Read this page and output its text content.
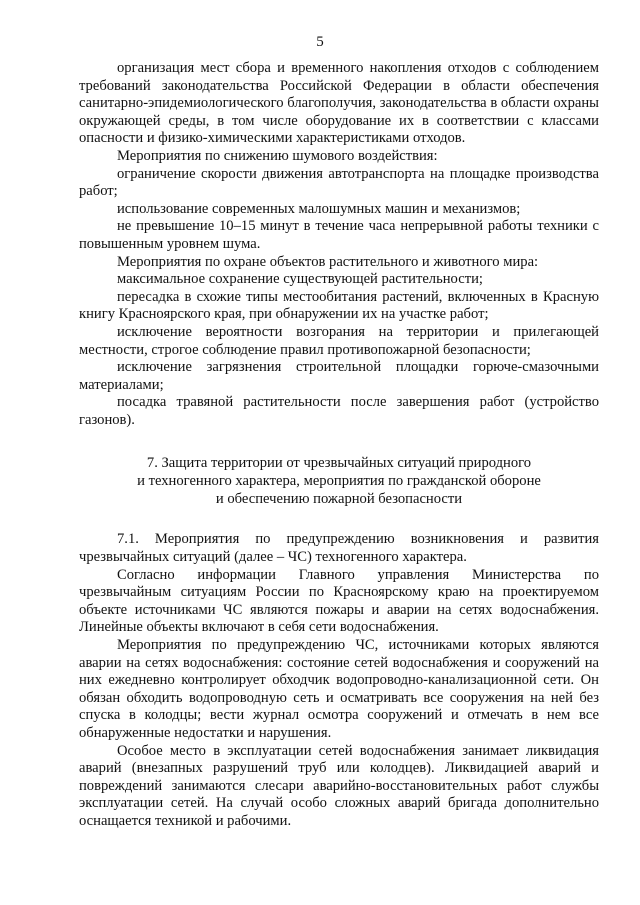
5

организация мест сбора и временного накопления отходов с соблюдением требований законодательства Российской Федерации в области обеспечения санитарно-эпидемиологического благополучия, законодательства в области охраны окружающей среды, в том числе оборудование их в соответствии с классами опасности и физико-химическими характеристиками отходов.

Мероприятия по снижению шумового воздействия:

ограничение скорости движения автотранспорта на площадке производства работ;

использование современных малошумных машин и механизмов;

не превышение 10–15 минут в течение часа непрерывной работы техники с повышенным уровнем шума.

Мероприятия по охране объектов растительного и животного мира:

максимальное сохранение существующей растительности;

пересадка в схожие типы местообитания растений, включенных в Красную книгу Красноярского края, при обнаружении их на участке работ;

исключение вероятности возгорания на территории и прилегающей местности, строгое соблюдение правил противопожарной безопасности;

исключение загрязнения строительной площадки горюче-смазочными материалами;

посадка травяной растительности после завершения работ (устройство газонов).

7. Защита территории от чрезвычайных ситуаций природного
и техногенного характера, мероприятия по гражданской обороне
и обеспечению пожарной безопасности

7.1. Мероприятия по предупреждению возникновения и развития чрезвычайных ситуаций (далее – ЧС) техногенного характера.

Согласно информации Главного управления Министерства по чрезвычайным ситуациям России по Красноярскому краю на проектируемом объекте источниками ЧС являются пожары и аварии на сетях водоснабжения. Линейные объекты включают в себя сети водоснабжения.

Мероприятия по предупреждению ЧС, источниками которых являются аварии на сетях водоснабжения: состояние сетей водоснабжения и сооружений на них ежедневно контролирует обходчик водопроводно-канализационной сети. Он обязан обходить водопроводную сеть и осматривать все сооружения на ней без спуска в колодцы; вести журнал осмотра сооружений и отмечать в нем все обнаруженные недостатки и нарушения.

Особое место в эксплуатации сетей водоснабжения занимает ликвидация аварий (внезапных разрушений труб или колодцев). Ликвидацией аварий и повреждений занимаются слесари аварийно-восстановительных работ службы эксплуатации сетей. На случай особо сложных аварий бригада дополнительно оснащается техникой и рабочими.
